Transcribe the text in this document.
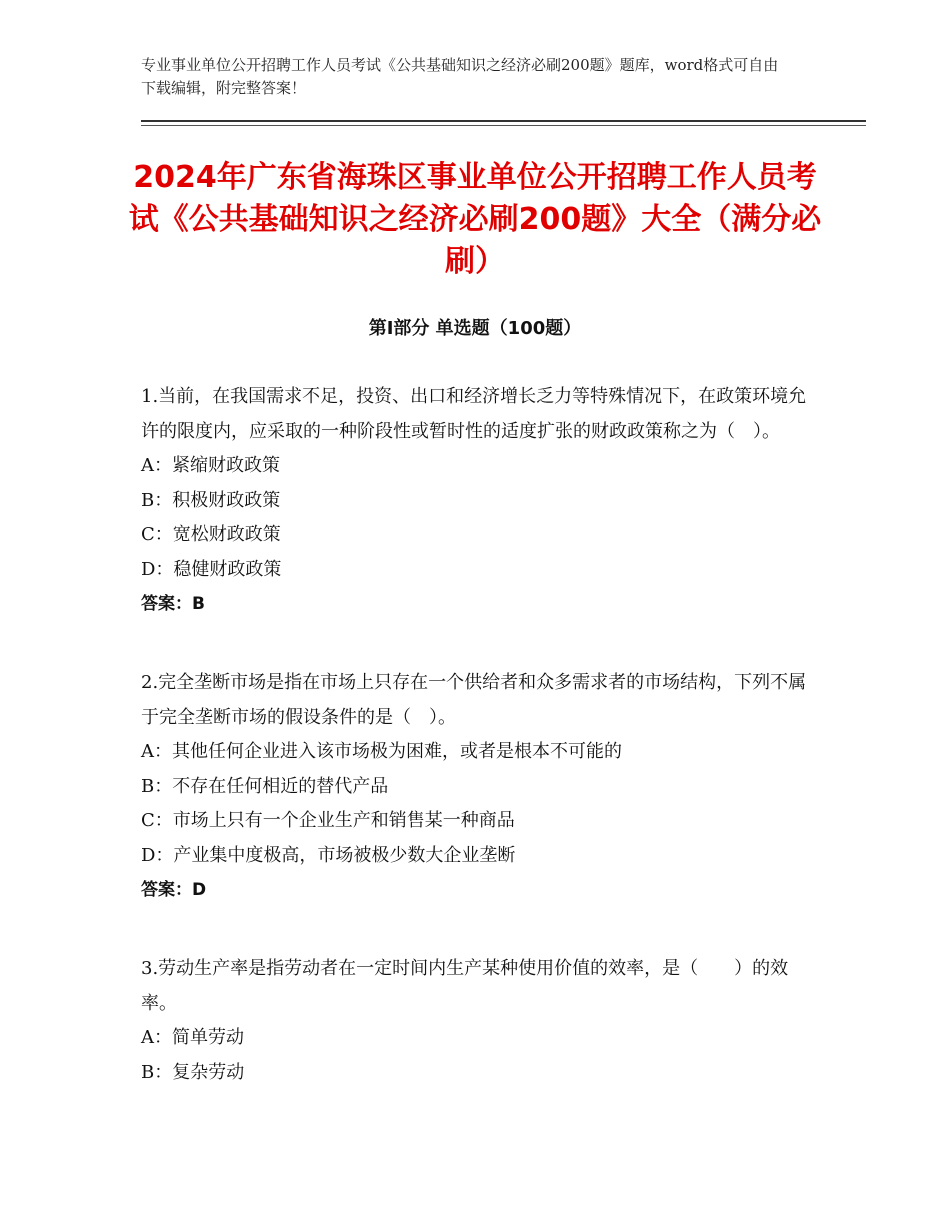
专业事业单位公开招聘工作人员考试《公共基础知识之经济必刷200题》题库，word格式可自由下载编辑，附完整答案！
2024年广东省海珠区事业单位公开招聘工作人员考试《公共基础知识之经济必刷200题》大全（满分必刷）
第Ⅰ部分 单选题（100题）

1.当前，在我国需求不足，投资、出口和经济增长乏力等特殊情况下，在政策环境允许的限度内，应采取的一种阶段性或暂时性的适度扩张的财政政策称之为（　）。

A：紧缩财政政策

B：积极财政政策

C：宽松财政政策

D：稳健财政政策

答案：B

2.完全垄断市场是指在市场上只存在一个供给者和众多需求者的市场结构，下列不属于完全垄断市场的假设条件的是（　）。

A：其他任何企业进入该市场极为困难，或者是根本不可能的

B：不存在任何相近的替代产品

C：市场上只有一个企业生产和销售某一种商品

D：产业集中度极高，市场被极少数大企业垄断

答案：D

3.劳动生产率是指劳动者在一定时间内生产某种使用价值的效率，是（　　）的效率。

A：简单劳动

B：复杂劳动
